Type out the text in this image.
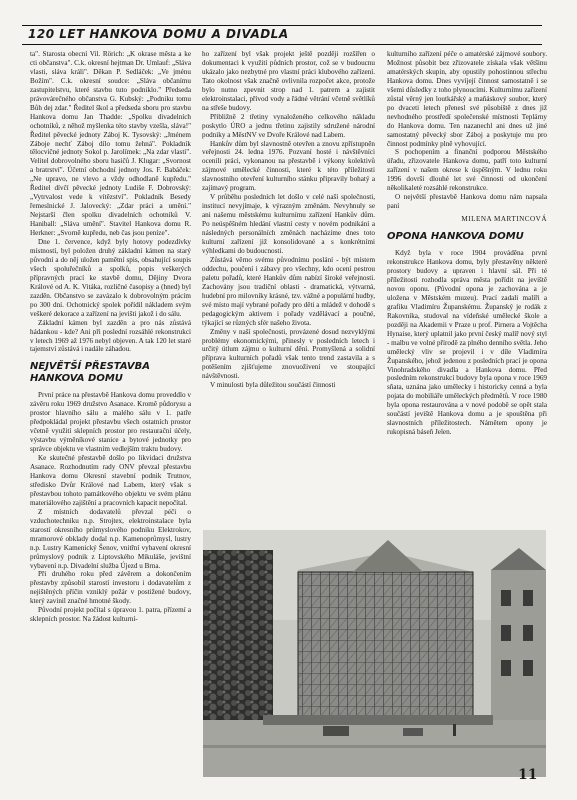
120 LET HANKOVA DOMU A DIVADLA

ta". Starosta obecní Vil. Rörich: „K okrase města a ke cti občanstva". C.k. okresní hejtman Dr. Umlauf: „Sláva vlasti, sláva králi". Děkan P. Sedláček: „Ve jménu Božím". C.k. okresní soudce: „Sláva občanímu zastupitelstvu, které stavbu tuto podniklo." Předseda právovárečného občanstva G. Kubský: „Podniku tomu Bůh dej zdar." Ředitel škol a předseda sboru pro stavbu Hankova domu Jan Thadde: „Spolku divadelních ochotníků, z něhož myšlenka této stavby vzešla, sláva!" Ředitel pěvecké jednoty Záboj K. Tysovský: „Jménem Záboje nechť Záboj dílo tomu žehná". Pokladník tělocvičné jednoty Sokol p. Jarolímek: „Na zdar vlasti". Velitel dobrovolného sboru hasičů J. Klugar: „Svornost a bratrství". Účetní obchodní jednoty Jos. F. Babáček: „Ne upravo, ne vlevo a vždy odhodlaně kupředu." Ředitel dívčí pěvecké jednoty Ludiše F. Dobrovský: „Vytrvalost vede k vítězství". Pokladník Besedy řemeslnické J. Jalovecký: „Zdar práci a umění." Nejstarší člen spolku divadelních ochotníků V. Haniball: „Sláva umění". Stavitel Hankova domu R. Herkner: „Svorně kupředu, neb čas jsou peníze".

Dne 1. července, když byly hotovy podezdívky místností, byl položen druhý základní kámen na starý původní a do něj uložen pamětní spis, obsahující soupis všech spoluřečníků a spolků, popis veškerých přípravných prací ke stavbě domu, Dějiny Dvora Králové od A. K. Vitáka, rozličné časopisy a (hned) byl zazděn. Občanstvo se zavázalo k dobrovolným prácím po 300 dní. Ochotnický spolek pořídil nákladem svým veškeré dekorace a zařízení na jevišti jakož i do sálu.

Základní kámen byl zazděn a pro nás zůstává hádankou - kde? Ani při poslední rozsáhlé rekonstrukci v letech 1969 až 1976 nebyl objeven. A tak 120 let staré tajemství zůstává i nadále záhadou.

NEJVĚTŠÍ PŘESTAVBA HANKOVA DOMU

První práce na přestavbě Hankova domu proveddlo v závěru roku 1969 družstvo Asanace. Kromě půdorysu a prostor hlavního sálu a malého sálu v 1. patře předpokládal projekt přestavbu všech ostatních prostor včetně využití sklepních prostor pro restaurační účely, výstavbu výměníkové stanice a bytové jednotky pro správce objektu ve vlastním vedlejším traktu budovy.

Ke skutečné přestavbě došlo po likvidaci družstva Asanace. Rozhodnutím rady ONV převzal přestavbu Hankova domu Okresní stavební podnik Trutnov, středisko Dvůr Králové nad Labem, který však s přestavbou tohoto památkového objektu ve svém plánu materiálového zajištění a pracovních kapacit nepočítal.

Z místních dodavatelů převzal péči o vzduchotechniku n.p. Strojtex, elektroinstalace byla starostí okresního průmyslového podniku Elektrokov, mramorové obklady dodal n.p. Kamenoprůmysl, lustry n.p. Lustry Kamenický Šenov, vnitřní vybavení okresní průmyslový podnik z Liptovského Mikuláše, jevištní vybavení n.p. Divadelní služba Újezd u Brna.

Při druhého roku před závěrem a dokončením přestavby způsobil starostí investoru i dodavatelům z nejištěných příčin vzniklý požár v postižené budovy, který zavinil značné hmotné škody.

Původní projekt počítal s úpravou 1. patra, přízemí a sklepních prostor. Na žádost kulturní-

ho zařízení byl však projekt ještě později rozšířen o dokumentaci k využití půdních prostor, což se v budoucnu ukázalo jako nezbytné pro vlastní práci klubového zařízení. Tato okolnost však značně ovlivnila rozpočet akce, protože bylo nutno zpevnit strop nad 1. patrem a zajistit elektroinstalaci, přívod vody a řádné větrání včetně světlíků na střeše budovy.

Přibližně 2 třetiny vynaloženého celkového nákladu poskytlo ÚRO a jednu třetinu zajistily sdružené národní podniky a MěstNV ve Dvoře Králové nad Labem.

Hankův dům byl slavnostně otevřen a znovu zpřístupněn veřejnosti 24. ledna 1976. Pozvaní hosté i návštěvníci ocenili práci, vykonanou na přestavbě i výkony kolektivů zájmové umělecké činnosti, které k této příležitosti slavnostního otevření kulturního stánku připravily bohatý a zajímavý program.

V průběhu posledních let došlo v celé naší společnosti, institucí nevyjímaje, k výrazným změnám. Nevyhnuly se ani našemu městskému kulturnímu zařízení Hankův dům. Po neúspěšném hledání vlastní cesty v novém podnikání a následných personálních změnách nacházíme dnes toto kulturní zařízení již konsolidované a s konkrétními výhledkami do budoucnosti.

Zůstává věrno svému původnímu poslání - být místem oddechu, poučení i zábavy pro všechny, kdo ocení pestrou paletu pořadů, které Hankův dům nabízí široké veřejnosti. Zachovány jsou tradiční oblasti - dramatická, výtvarná, hudební pro milovníky krásné, tzv. vážné a populární hudby, své místo mají vybrané pořady pro děti a mládež v dohodě s pedagogickým aktivem i pořady vzdělávací a poučné, týkající se různých sfér našeho života.

Změny v naší společnosti, provázené dosud nezvyklými problémy ekonomickými, přinesly v posledních letech i určitý útlum zájmu o kulturní dění. Promyšlená a solidní příprava kulturních pořadů však tento trend zastavila a s potěšením zjišťujeme znovuoživení ve stoupající návštěvnosti.

V minulosti byla důležitou součástí činnosti

kulturního zařízení péče o amatérské zájmové soubory. Možnost působit bez zřizovatele získala však většinu amatérských skupin, aby opustily pohostinnou střechu Hankova domu. Dnes vyvíjejí činnost samostatně i se všemi důsledky z toho plynoucími. Kulturnímu zařízení zůstal věrný jen loutkářský a maňáskový soubor, který po dvaceti letech přenesl své působiště z dnes již nevhodného prostředí společenské místnosti Teplárny do Hankova domu. Ten nazanechl ani dnes už jiné samostatný pěvecký sbor Záboj a poskytuje mu pro činnost podmínky plně vyhovující.

S pochopením a finanční podporou Městského úřadu, zřizovatele Hankova domu, patří toto kulturní zařízení v našem okrese k úspěšným. V lednu roku 1996 dovrší dlouhé let své činnosti od ukončení několikaleté rozsáhlé rekonstrukce.

O největší přestavbě Hankova domu nám napsala paní

MILENA MARTINCOVÁ
OPONA HANKOVA DOMU

Když byla v roce 1904 prováděna první rekonstrukce Hankova domu, byly přestavěny některé prostory budovy a upraven i hlavní sál. Při té příležitosti rozhodla správa města pořídit na jeviště novou oponu. (Původní opona je zachována a je uložena v Městském muzeu). Prací zadali malíři a grafiku Vladimíru Županskému. Županský je rodák z Rakovníka, studoval na vídeňské umělecké škole a později na Akademii v Praze u prof. Pirnera a Vojtěcha Hynaise, který uplatnil jako první český malíř nový styl - malbu ve volné přírodě za plného denního světla. Jeho umělecký vliv se projevil i v díle Vladimíra Županského, jehož jedenou z posledních prací je opona Vinohradského divadla a Hankova domu. Před posledním rekonstrukcí budovy byla opona v roce 1969 sňata, uznána jako umělecky i historicky cenná a byla pojata do mobiliáře uměleckých předmětů. V roce 1980 byla opona restaurována a v nové podobě se opět stala součástí jeviště Hankova domu a je spouštěna při slavnostních příležitostech. Námětem opony je rukopisná báseň Jelen.

11
